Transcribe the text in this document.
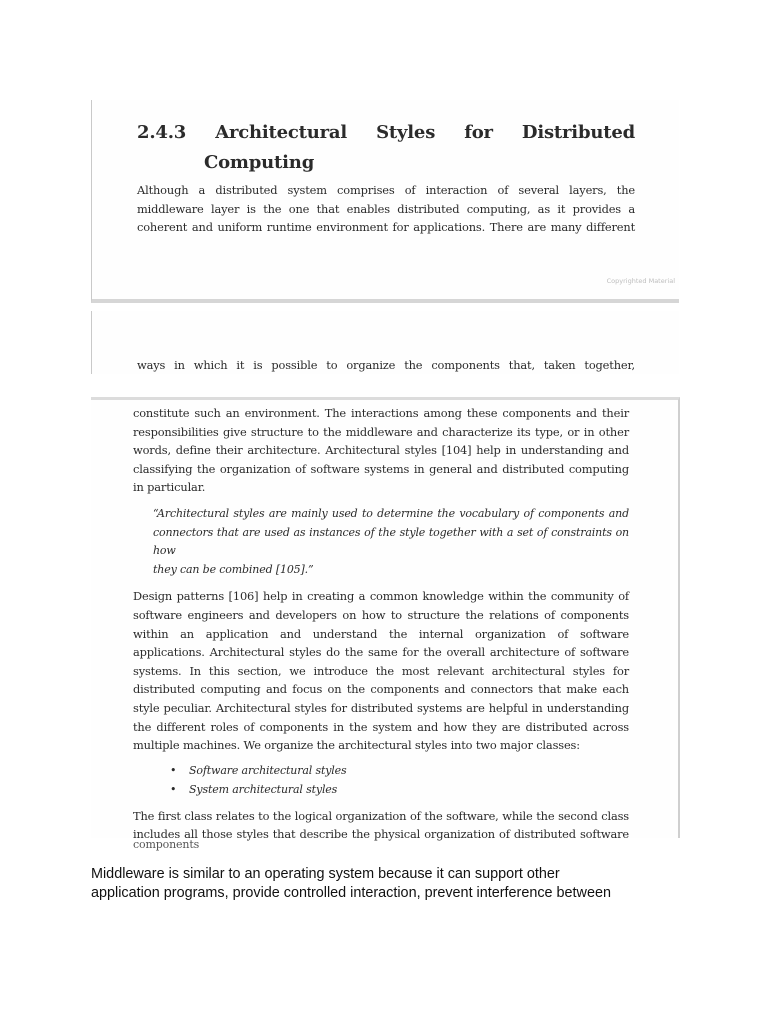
2.4.3 Architectural Styles for Distributed
Computing

Although a distributed system comprises of interaction of several layers, the

middleware layer is the one that enables distributed computing, as it provides a

coherent and uniform runtime environment for applications. There are many different

Copyrighted Material

ways in which it is possible to organize the components that, taken together,

constitute such an environment. The interactions among these components and their

responsibilities give structure to the middleware and characterize its type, or in other

words, define their architecture. Architectural styles [104] help in understanding and

classifying the organization of software systems in general and distributed computing

in particular.

“Architectural styles are mainly used to determine the vocabulary of components and

connectors that are used as instances of the style together with a set of constraints on how

they can be combined [105].”

Design patterns [106] help in creating a common knowledge within the community of

software engineers and developers on how to structure the relations of components

within an application and understand the internal organization of software

applications. Architectural styles do the same for the overall architecture of software

systems. In this section, we introduce the most relevant architectural styles for

distributed computing and focus on the components and connectors that make each

style peculiar. Architectural styles for distributed systems are helpful in understanding

the different roles of components in the system and how they are distributed across

multiple machines. We organize the architectural styles into two major classes:

• Software architectural styles
• System architectural styles

The first class relates to the logical organization of the software, while the second class

includes all those styles that describe the physical organization of distributed software

components
Middleware is similar to an operating system because it can support other
application programs, provide controlled interaction, prevent interference between
